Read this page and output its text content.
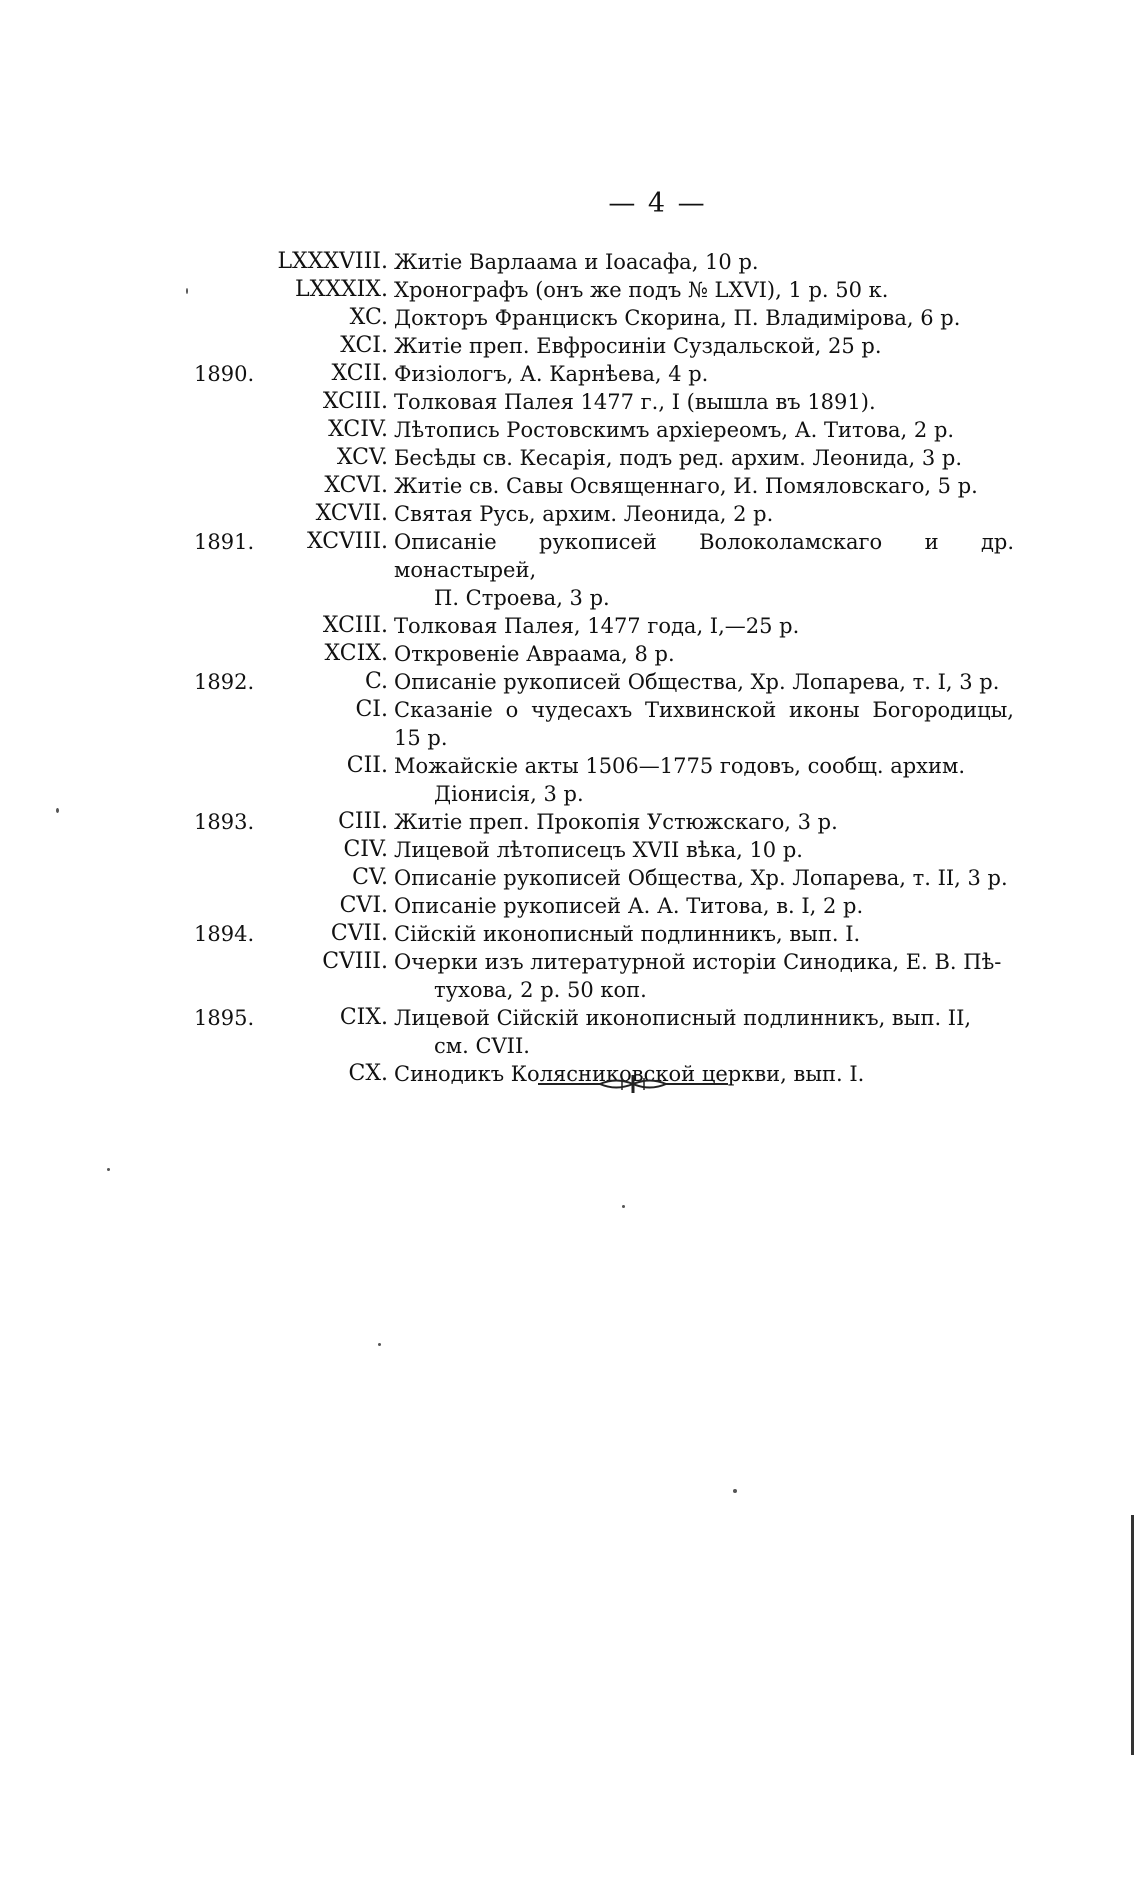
— 4 —
LXXXVIII. Житіе Варлаама и Іоасафа, 10 р.
LXXXIX. Хронографъ (онъ же подъ № LXVI), 1 р. 50 к.
XC. Докторъ Францискъ Скорина, П. Владимірова, 6 р.
XCI. Житіе преп. Евфросиніи Суздальской, 25 р.
1890.	XCII. Физіологъ, А. Карнѣева, 4 р.
XCIII. Толковая Палея 1477 г., I (вышла въ 1891).
XCIV. Лѣтопись Ростовскимъ архіереомъ, А. Титова, 2 р.
XCV. Бесѣды св. Кесарія, подъ ред. архим. Леонида, 3 р.
XCVI. Житіе св. Савы Освященнаго, И. Помяловскаго, 5 р.
XCVII. Святая Русь, архим. Леонида, 2 р.
1891.	XCVIII. Описаніе рукописей Волоколамскаго и др. монастырей,
П. Строева, 3 р.
XCIII. Толковая Палея, 1477 года, I,—25 р.
XCIX. Откровеніе Авраама, 8 р.
1892.	C. Описаніе рукописей Общества, Хр. Лопарева, т. I, 3 р.
CI. Сказаніе о чудесахъ Тихвинской иконы Богородицы, 15 р.
CII. Можайскіе акты 1506—1775 годовъ, сообщ. архим.
Діонисія, 3 р.
1893.	CIII. Житіе преп. Прокопія Устюжскаго, 3 р.
CIV. Лицевой лѣтописецъ XVII вѣка, 10 р.
CV. Описаніе рукописей Общества, Хр. Лопарева, т. II, 3 р.
CVI. Описаніе рукописей А. А. Титова, в. I, 2 р.
1894.	CVII. Сійскій иконописный подлинникъ, вып. I.
CVIII. Очерки изъ литературной исторіи Синодика, Е. В. Пѣ-
тухова, 2 р. 50 коп.
1895.	CIX. Лицевой Сійскій иконописный подлинникъ, вып. II,
см. CVII.
CX. Синодикъ Колясниковской церкви, вып. I.
